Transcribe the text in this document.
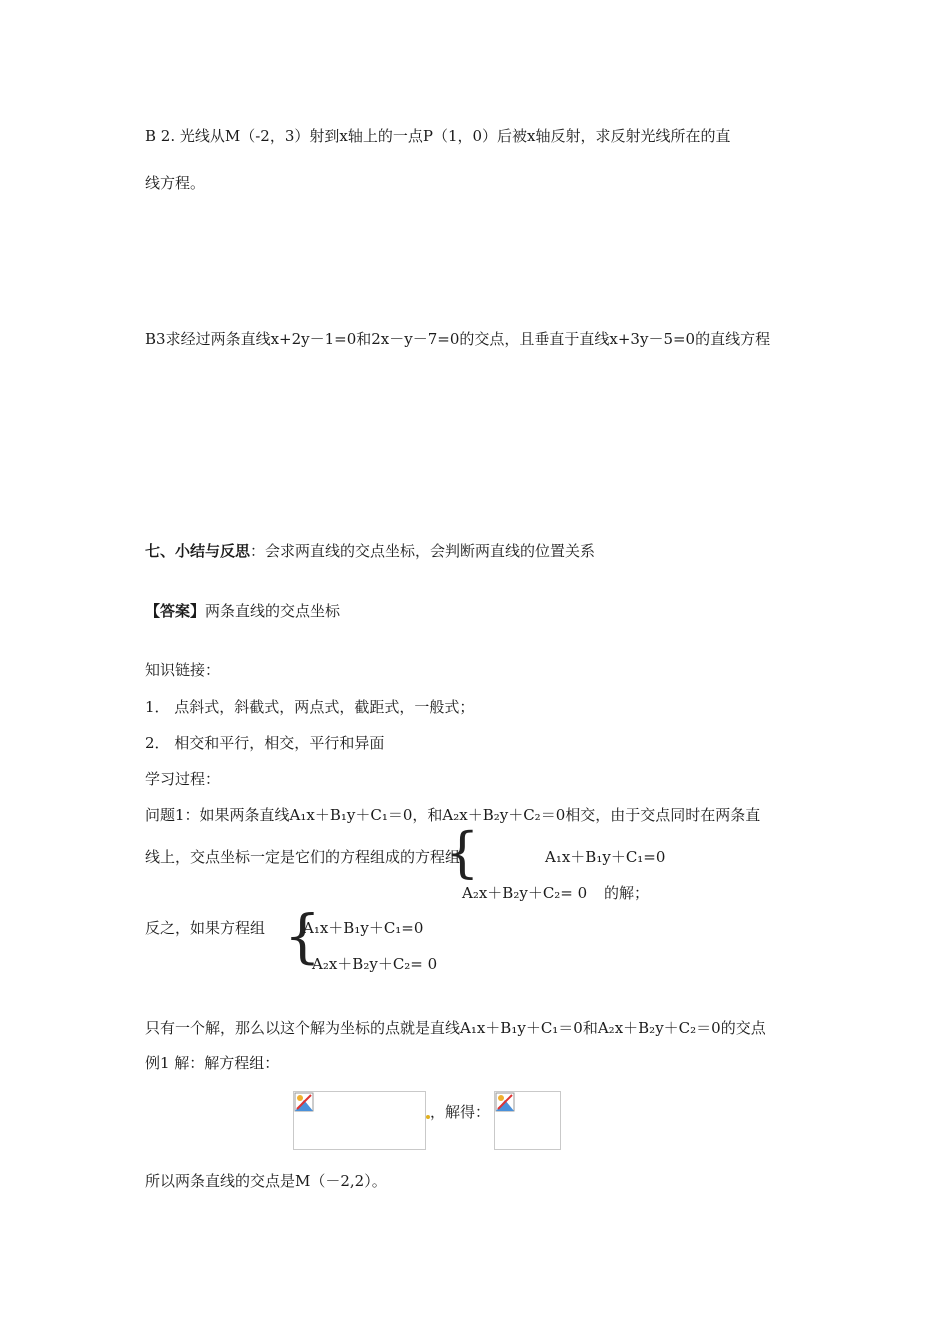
B 2. 光线从M（-2，3）射到x轴上的一点P（1，0）后被x轴反射，求反射光线所在的直
线方程。
B3求经过两条直线x+2y－1=0和2x－y－7=0的交点，且垂直于直线x+3y－5=0的直线方程
七、小结与反思：会求两直线的交点坐标，会判断两直线的位置关系
【答案】两条直线的交点坐标
知识链接：
1． 点斜式，斜截式，两点式，截距式，一般式；
2． 相交和平行，相交，平行和异面
学习过程：
问题1：如果两条直线A₁x＋B₁y＋C₁＝0，和A₂x＋B₂y＋C₂＝0相交，由于交点同时在两条直
线上，交点坐标一定是它们的方程组成的方程组
{	A₁x＋B₁y＋C₁=0
A₂x＋B₂y＋C₂= 0 的解；
反之，如果方程组 {
A₁x＋B₁y＋C₁=0
A₂x＋B₂y＋C₂= 0
只有一个解，那么以这个解为坐标的点就是直线A₁x＋B₁y＋C₁＝0和A₂x＋B₂y＋C₂＝0的交点
例1 解：解方程组：
，解得：
所以两条直线的交点是M（－2,2）。
